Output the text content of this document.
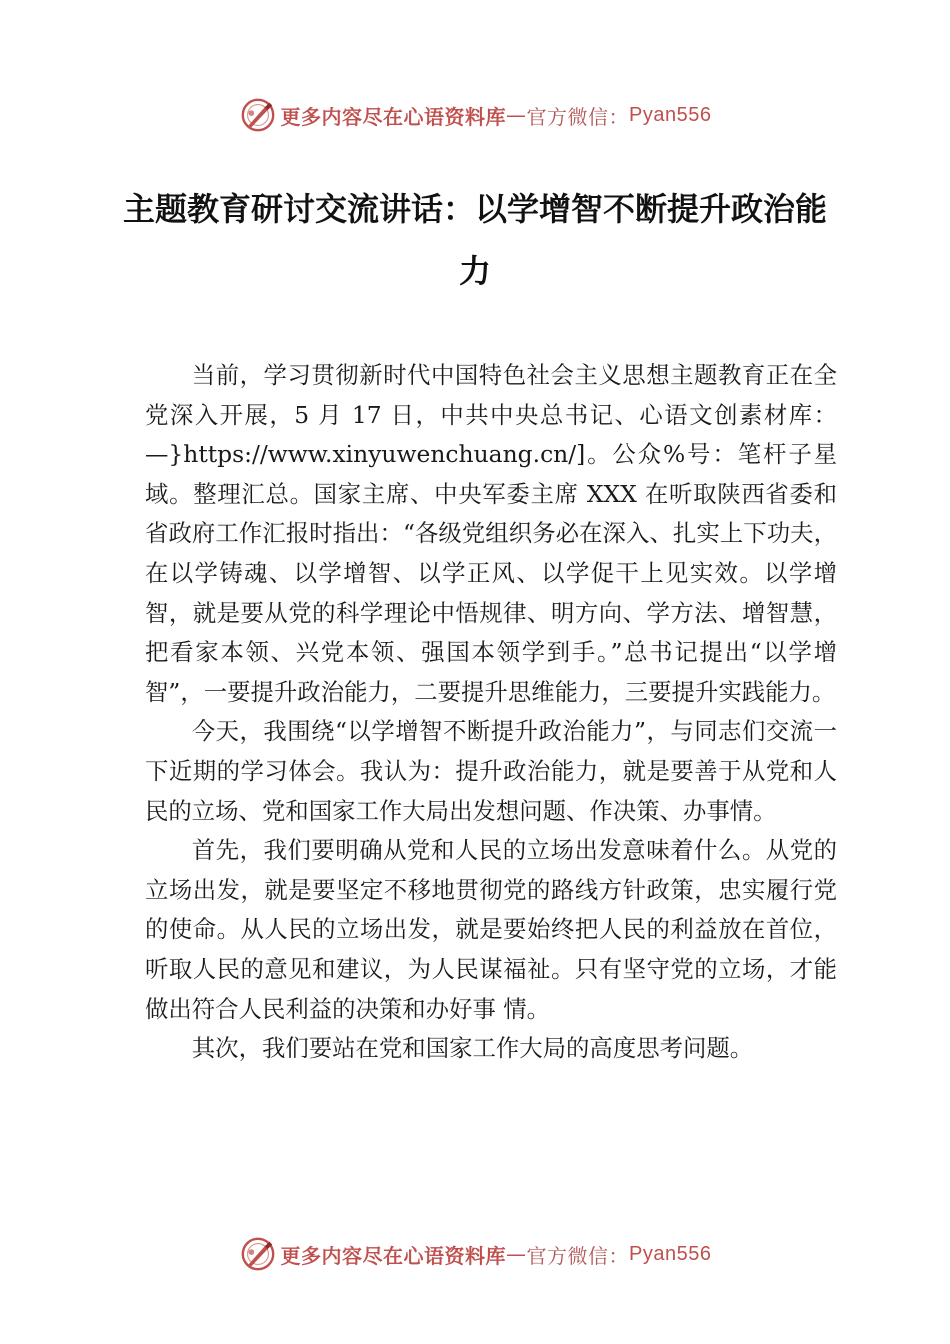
更多内容尽在心语资料库 — 官方微信： Pyan556
主题教育研讨交流讲话：以学增智不断提升政治能力

当前，学习贯彻新时代中国特色社会主义思想主题教育正在全党深入开展，5 月 17 日，中共中央总书记、心语文创素材库：—}https://www.xinyuwenchuang.cn/]。公众%号：笔杆子星域。整理汇总。国家主席、中央军委主席 XXX 在听取陕西省委和省政府工作汇报时指出：“各级党组织务必在深入、扎实上下功夫，在以学铸魂、以学增智、以学正风、以学促干上见实效。以学增智，就是要从党的科学理论中悟规律、明方向、学方法、增智慧，把看家本领、兴党本领、强国本领学到手。”总书记提出“以学增智”，一要提升政治能力，二要提升思维能力，三要提升实践能力。

今天，我围绕“以学增智不断提升政治能力”，与同志们交流一下近期的学习体会。我认为：提升政治能力，就是要善于从党和人民的立场、党和国家工作大局出发想问题、作决策、办事情。

首先，我们要明确从党和人民的立场出发意味着什么。从党的立场出发，就是要坚定不移地贯彻党的路线方针政策，忠实履行党的使命。从人民的立场出发，就是要始终把人民的利益放在首位，听取人民的意见和建议，为人民谋福祉。只有坚守党的立场，才能做出符合人民利益的决策和办好事 情。

其次，我们要站在党和国家工作大局的高度思考问题。

更多内容尽在心语资料库 — 官方微信： Pyan556
